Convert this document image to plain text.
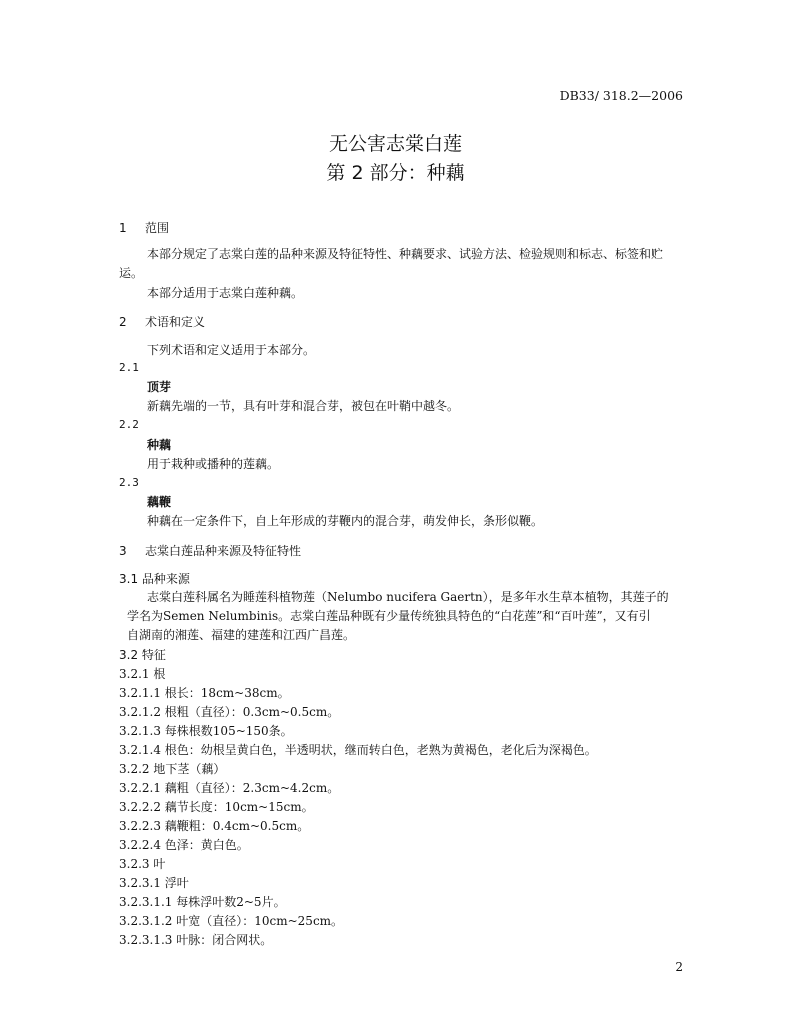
DB33/ 318.2—2006
无公害志棠白莲
第 2 部分：种藕
1 范围
本部分规定了志棠白莲的品种来源及特征特性、种藕要求、试验方法、检验规则和标志、标签和贮
运。
本部分适用于志棠白莲种藕。
2 术语和定义
下列术语和定义适用于本部分。
2.1
顶芽
新藕先端的一节，具有叶芽和混合芽，被包在叶鞘中越冬。
2.2
种藕
用于栽种或播种的莲藕。
2.3
藕鞭
种藕在一定条件下，自上年形成的芽鞭内的混合芽，萌发伸长，条形似鞭。
3 志棠白莲品种来源及特征特性
3.1 品种来源
志棠白莲科属名为睡莲科植物莲（Nelumbo nucifera Gaertn），是多年水生草本植物，其莲子的
学名为Semen Nelumbinis。志棠白莲品种既有少量传统独具特色的“白花莲”和“百叶莲”，又有引
自湖南的湘莲、福建的建莲和江西广昌莲。
3.2 特征
3.2.1 根
3.2.1.1 根长：18cm~38cm。
3.2.1.2 根粗（直径）：0.3cm~0.5cm。
3.2.1.3 每株根数105~150条。
3.2.1.4 根色：幼根呈黄白色，半透明状，继而转白色，老熟为黄褐色，老化后为深褐色。
3.2.2 地下茎（藕）
3.2.2.1 藕粗（直径）：2.3cm~4.2cm。
3.2.2.2 藕节长度：10cm~15cm。
3.2.2.3 藕鞭粗：0.4cm~0.5cm。
3.2.2.4 色泽：黄白色。
3.2.3 叶
3.2.3.1 浮叶
3.2.3.1.1 每株浮叶数2~5片。
3.2.3.1.2 叶宽（直径）：10cm~25cm。
3.2.3.1.3 叶脉：闭合网状。
2
